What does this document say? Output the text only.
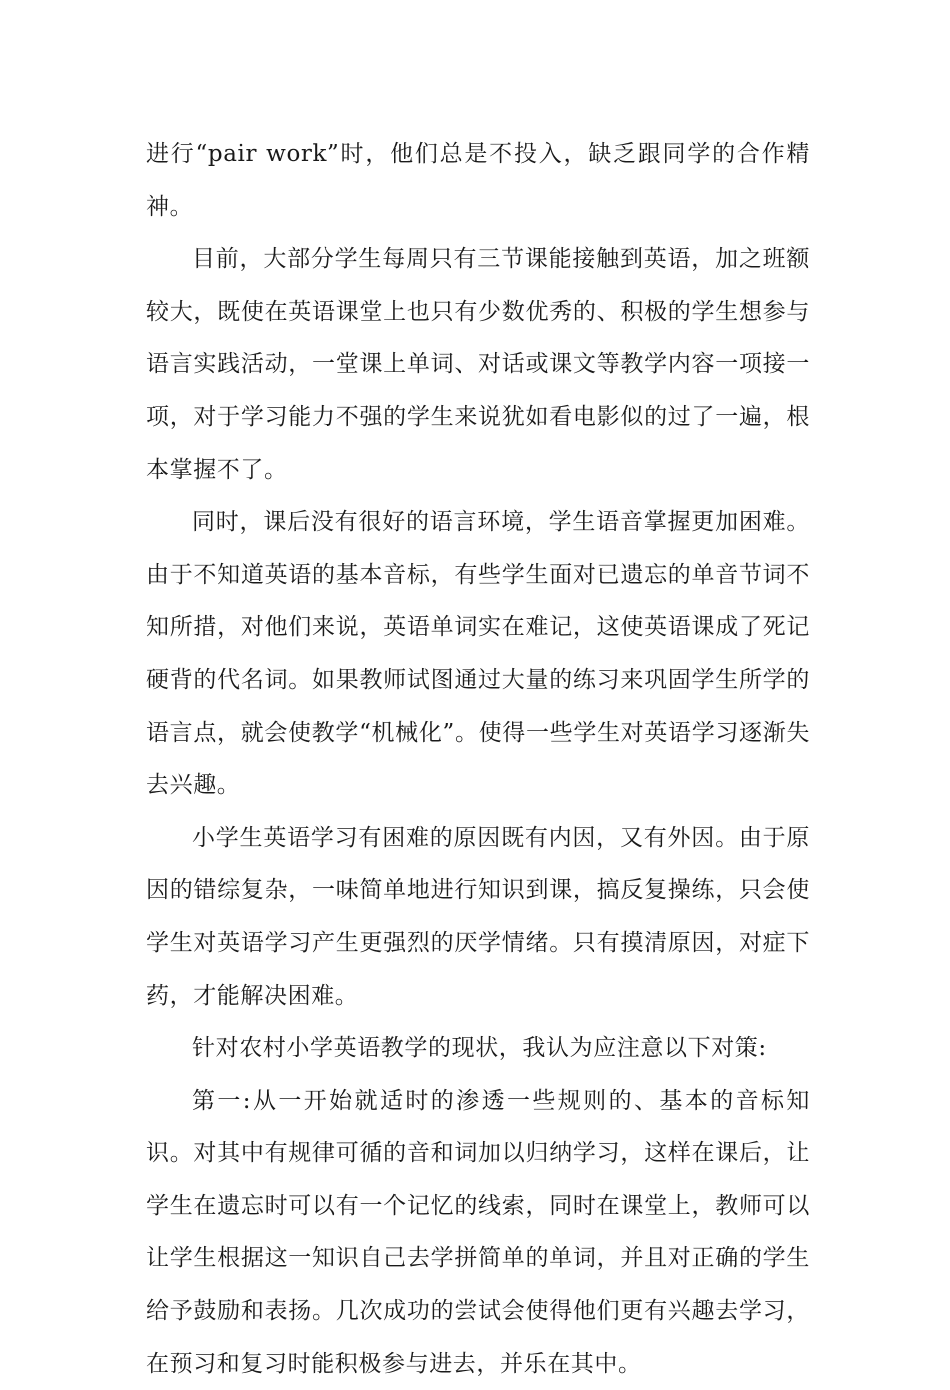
进行“pair work”时，他们总是不投入，缺乏跟同学的合作精神。

目前，大部分学生每周只有三节课能接触到英语，加之班额较大，既使在英语课堂上也只有少数优秀的、积极的学生想参与语言实践活动，一堂课上单词、对话或课文等教学内容一项接一项，对于学习能力不强的学生来说犹如看电影似的过了一遍，根本掌握不了。

同时，课后没有很好的语言环境，学生语音掌握更加困难。由于不知道英语的基本音标，有些学生面对已遗忘的单音节词不知所措，对他们来说，英语单词实在难记，这使英语课成了死记硬背的代名词。如果教师试图通过大量的练习来巩固学生所学的语言点，就会使教学“机械化”。使得一些学生对英语学习逐渐失去兴趣。

小学生英语学习有困难的原因既有内因，又有外因。由于原因的错综复杂，一味简单地进行知识到课，搞反复操练，只会使学生对英语学习产生更强烈的厌学情绪。只有摸清原因，对症下药，才能解决困难。

针对农村小学英语教学的现状，我认为应注意以下对策:

第一:从一开始就适时的渗透一些规则的、基本的音标知识。对其中有规律可循的音和词加以归纳学习，这样在课后，让学生在遗忘时可以有一个记忆的线索，同时在课堂上，教师可以让学生根据这一知识自己去学拼简单的单词，并且对正确的学生给予鼓励和表扬。几次成功的尝试会使得他们更有兴趣去学习，在预习和复习时能积极参与进去，并乐在其中。
